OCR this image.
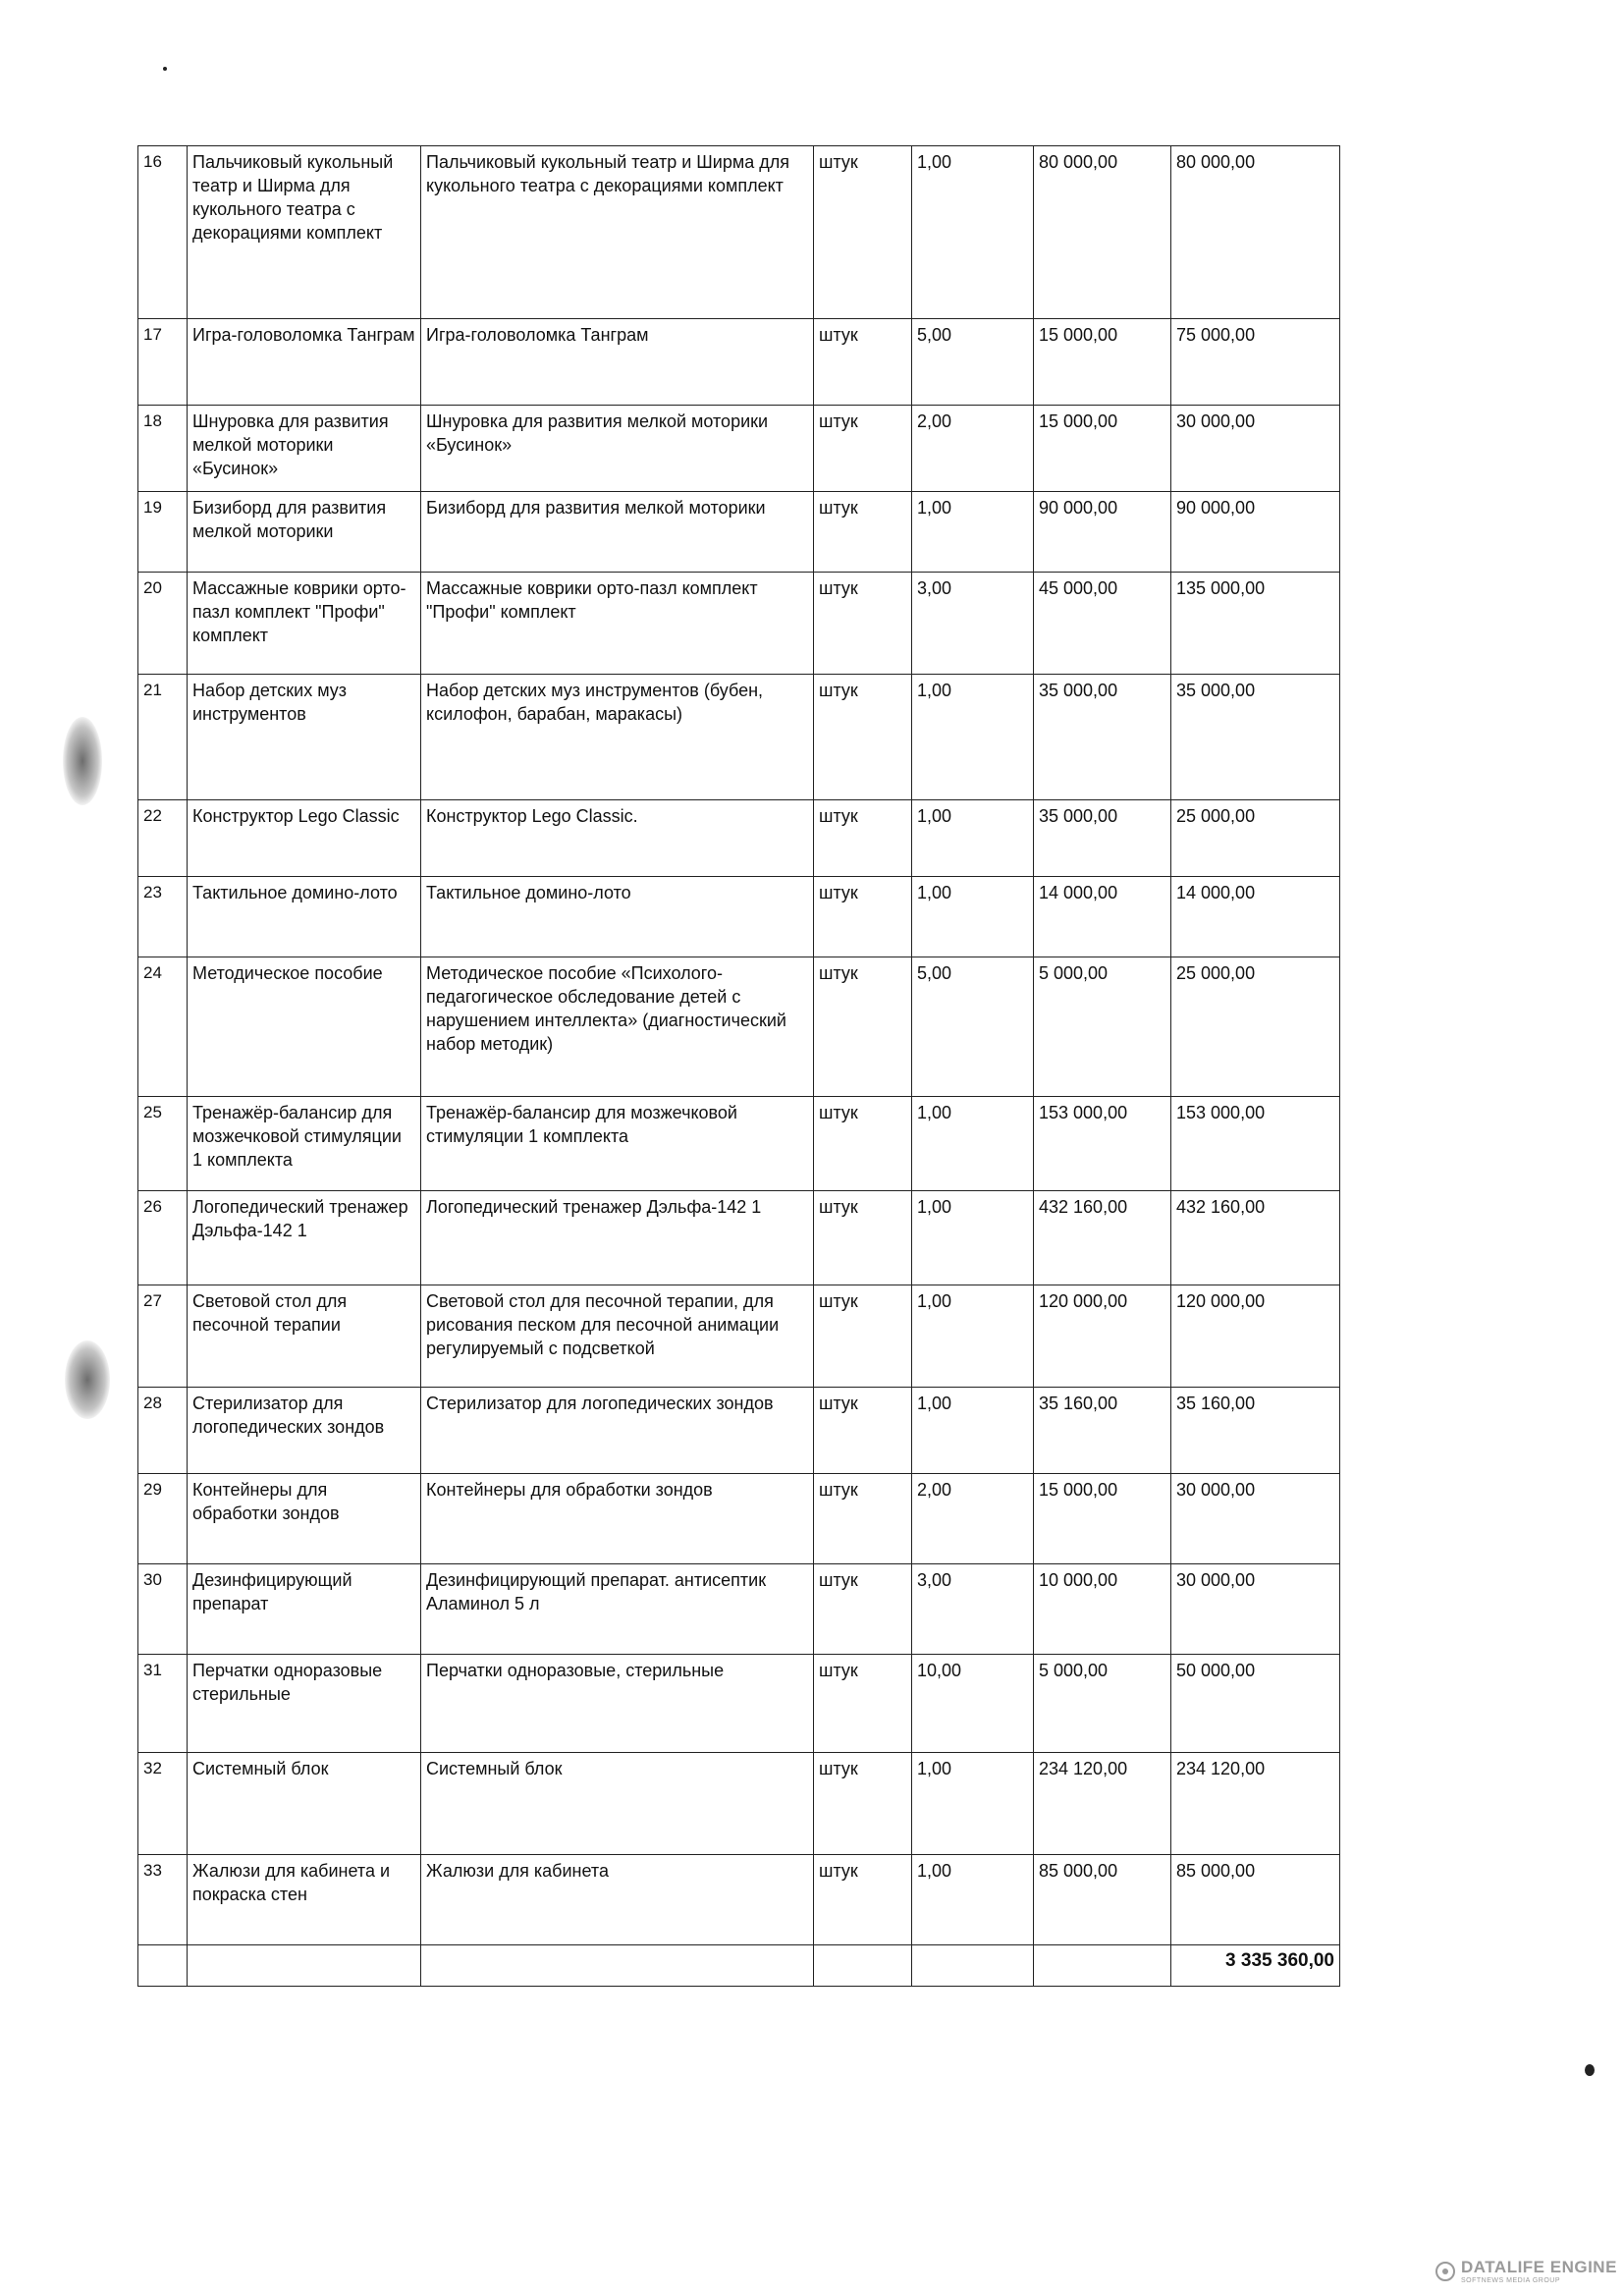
16	Пальчиковый кукольный театр и Ширма для кукольного театра с декорациями комплект	Пальчиковый кукольный театр и Ширма для кукольного театра с декорациями комплект	штук	1,00	80 000,00	80 000,00
17	Игра-головоломка Танграм	Игра-головоломка Танграм	штук	5,00	15 000,00	75 000,00
18	Шнуровка для развития мелкой моторики «Бусинок»	Шнуровка для развития мелкой моторики «Бусинок»	штук	2,00	15 000,00	30 000,00
19	Бизиборд для развития мелкой моторики	Бизиборд для развития мелкой моторики	штук	1,00	90 000,00	90 000,00
20	Массажные коврики орто-пазл комплект "Профи" комплект	Массажные коврики орто-пазл комплект "Профи" комплект	штук	3,00	45 000,00	135 000,00
21	Набор детских муз инструментов	Набор детских муз инструментов (бубен, ксилофон, барабан, маракасы)	штук	1,00	35 000,00	35 000,00
22	Конструктор Lego Classic	Конструктор Lego Classic.	штук	1,00	35 000,00	25 000,00
23	Тактильное домино-лото	Тактильное домино-лото	штук	1,00	14 000,00	14 000,00
24	Методическое пособие	Методическое пособие «Психолого-педагогическое обследование детей с нарушением интеллекта» (диагностический набор методик)	штук	5,00	5 000,00	25 000,00
25	Тренажёр-балансир для мозжечковой стимуляции 1 комплекта	Тренажёр-балансир для мозжечковой стимуляции 1 комплекта	штук	1,00	153 000,00	153 000,00
26	Логопедический тренажер Дэльфа-142 1	Логопедический тренажер Дэльфа-142 1	штук	1,00	432 160,00	432 160,00
27	Световой стол для песочной терапии	Световой стол для песочной терапии, для рисования песком для песочной анимации регулируемый с подсветкой	штук	1,00	120 000,00	120 000,00
28	Стерилизатор для логопедических зондов	Стерилизатор для логопедических зондов	штук	1,00	35 160,00	35 160,00
29	Контейнеры для обработки зондов	Контейнеры для обработки зондов	штук	2,00	15 000,00	30 000,00
30	Дезинфицирующий препарат	Дезинфицирующий препарат. антисептик Аламинол 5 л	штук	3,00	10 000,00	30 000,00
31	Перчатки одноразовые стерильные	Перчатки одноразовые, стерильные	штук	10,00	5 000,00	50 000,00
32	Системный блок	Системный блок	штук	1,00	234 120,00	234 120,00
33	Жалюзи для кабинета и покраска стен	Жалюзи для кабинета	штук	1,00	85 000,00	85 000,00
						3 335 360,00
DATALIFE ENGINE
SOFTNEWS MEDIA GROUP
